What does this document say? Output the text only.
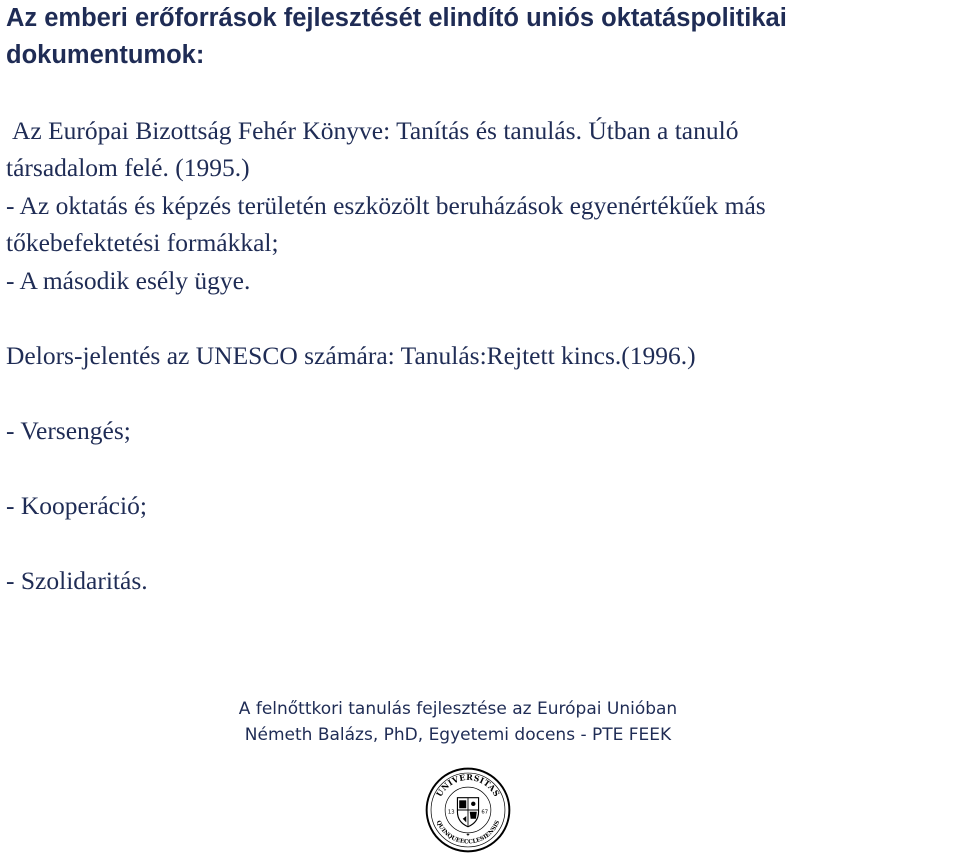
Az emberi erőforrások fejlesztését elindító uniós oktatáspolitikai dokumentumok:
Az Európai Bizottság Fehér Könyve: Tanítás és tanulás. Útban a tanuló
társadalom felé. (1995.)
- Az oktatás és képzés területén eszközölt beruházások egyenértékűek más
tőkebefektetési formákkal;
- A második esély ügye.
Delors-jelentés az UNESCO számára: Tanulás:Rejtett kincs.(1996.)
- Versengés;
- Kooperáció;
- Szolidaritás.
A felnőttkori tanulás fejlesztése az Európai Unióban
Németh Balázs, PhD, Egyetemi docens - PTE FEEK
UNIVERSITAS
QUINQUEECCLESIENSIS
13	67
✦
